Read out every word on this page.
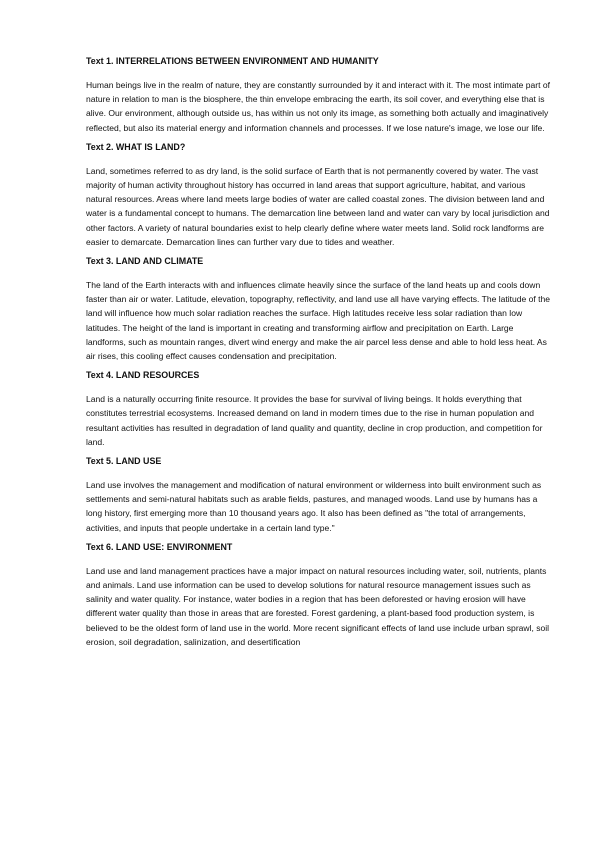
Text 1. INTERRELATIONS BETWEEN ENVIRONMENT AND HUMANITY
Human beings live in the realm of nature, they are constantly surrounded by it and interact with it. The most intimate part of nature in relation to man is the biosphere, the thin envelope embracing the earth, its soil cover, and everything else that is alive. Our environment, although outside us, has within us not only its image, as something both actually and imaginatively reflected, but also its material energy and information channels and processes. If we lose nature's image, we lose our life.
Text 2. WHAT IS LAND?
Land, sometimes referred to as dry land, is the solid surface of Earth that is not permanently covered by water. The vast majority of human activity throughout history has occurred in land areas that support agriculture, habitat, and various natural resources. Areas where land meets large bodies of water are called coastal zones. The division between land and water is a fundamental concept to humans. The demarcation line between land and water can vary by local jurisdiction and other factors. A variety of natural boundaries exist to help clearly define where water meets land. Solid rock landforms are easier to demarcate. Demarcation lines can further vary due to tides and weather.
Text 3. LAND AND CLIMATE
The land of the Earth interacts with and influences climate heavily since the surface of the land heats up and cools down faster than air or water. Latitude, elevation, topography, reflectivity, and land use all have varying effects. The latitude of the land will influence how much solar radiation reaches the surface. High latitudes receive less solar radiation than low latitudes. The height of the land is important in creating and transforming airflow and precipitation on Earth. Large landforms, such as mountain ranges, divert wind energy and make the air parcel less dense and able to hold less heat. As air rises, this cooling effect causes condensation and precipitation.
Text 4. LAND RESOURCES
Land is a naturally occurring finite resource. It provides the base for survival of living beings. It holds everything that constitutes terrestrial ecosystems. Increased demand on land in modern times due to the rise in human population and resultant activities has resulted in degradation of land quality and quantity, decline in crop production, and competition for land.
Text 5. LAND USE
Land use involves the management and modification of natural environment or wilderness into built environment such as settlements and semi-natural habitats such as arable fields, pastures, and managed woods. Land use by humans has a long history, first emerging more than 10 thousand years ago. It also has been defined as "the total of arrangements, activities, and inputs that people undertake in a certain land type."
Text 6. LAND USE: ENVIRONMENT
Land use and land management practices have a major impact on natural resources including water, soil, nutrients, plants and animals. Land use information can be used to develop solutions for natural resource management issues such as salinity and water quality. For instance, water bodies in a region that has been deforested or having erosion will have different water quality than those in areas that are forested. Forest gardening, a plant-based food production system, is believed to be the oldest form of land use in the world. More recent significant effects of land use include urban sprawl, soil erosion, soil degradation, salinization, and desertification
